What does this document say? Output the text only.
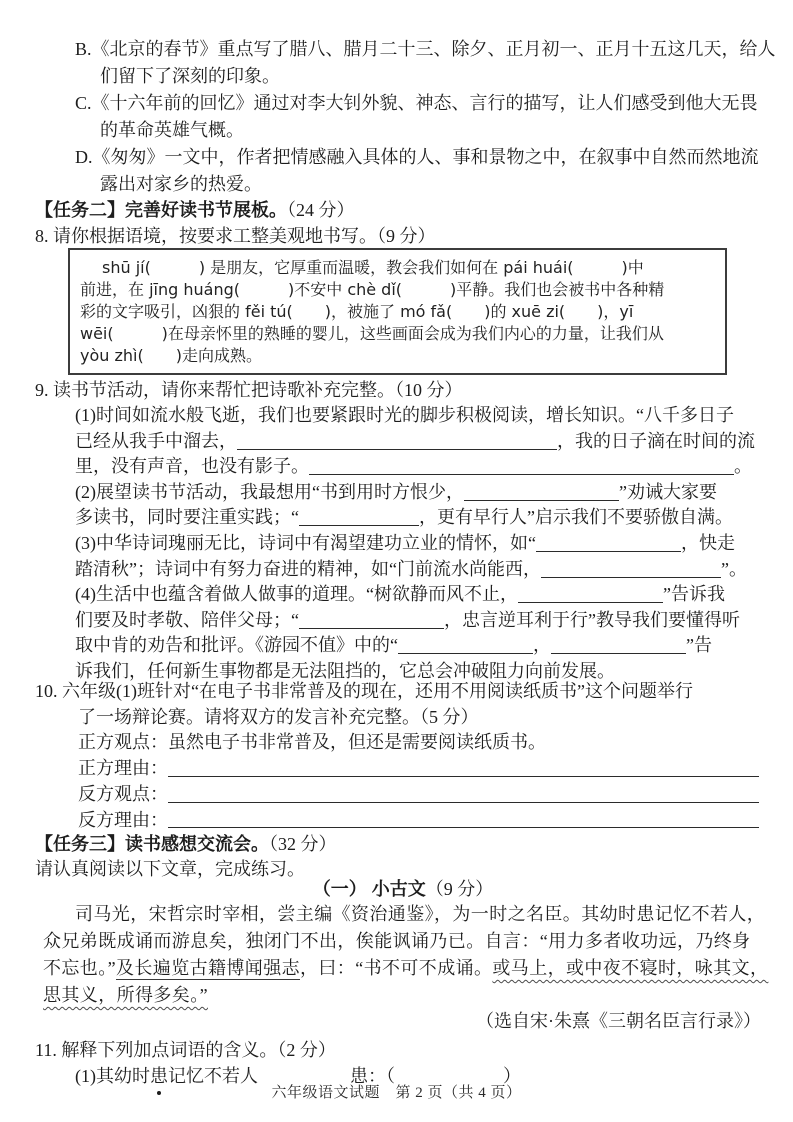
B.《北京的春节》重点写了腊八、腊月二十三、除夕、正月初一、正月十五这几天，给人
们留下了深刻的印象。
C.《十六年前的回忆》通过对李大钊外貌、神态、言行的描写，让人们感受到他大无畏
的革命英雄气概。
D.《匆匆》一文中，作者把情感融入具体的人、事和景物之中，在叙事中自然而然地流
露出对家乡的热爱。
【任务二】完善好读书节展板。（24 分）
8. 请你根据语境，按要求工整美观地书写。（9 分）
shū jí(　　　) 是朋友，它厚重而温暖，教会我们如何在 pái huái(　　　)中
前进，在 jīng huáng(　　　)不安中 chè dǐ(　　　)平静。我们也会被书中各种精
彩的文字吸引，凶狠的 fěi tú(　　)，被施了 mó fǎ(　　)的 xuē zi(　　)，yī
wēi(　　　)在母亲怀里的熟睡的婴儿，这些画面会成为我们内心的力量，让我们从
yòu zhì(　　)走向成熟。
9. 读书节活动，请你来帮忙把诗歌补充完整。（10 分）
(1)时间如流水般飞逝，我们也要紧跟时光的脚步积极阅读，增长知识。“八千多日子
已经从我手中溜去，	，我的日子滴在时间的流
里，没有声音，也没有影子。	。
(2)展望读书节活动，我最想用“书到用时方恨少，	”劝诫大家要
多读书，同时要注重实践；“	，更有早行人”启示我们不要骄傲自满。
(3)中华诗词瑰丽无比，诗词中有渴望建功立业的情怀，如“	，快走
踏清秋”；诗词中有努力奋进的精神，如“门前流水尚能西，	”。
(4)生活中也蕴含着做人做事的道理。“树欲静而风不止，	”告诉我
们要及时孝敬、陪伴父母；“	，忠言逆耳利于行”教导我们要懂得听
取中肯的劝告和批评。《游园不值》中的“	，	”告
诉我们，任何新生事物都是无法阻挡的，它总会冲破阻力向前发展。
10. 六年级(1)班针对“在电子书非常普及的现在，还用不用阅读纸质书”这个问题举行
了一场辩论赛。请将双方的发言补充完整。（5 分）
正方观点：虽然电子书非常普及，但还是需要阅读纸质书。
正方理由：
反方观点：
反方理由：
【任务三】读书感想交流会。（32 分）
请认真阅读以下文章，完成练习。
（一） 小古文（9 分）
司马光，宋哲宗时宰相，尝主编《资治通鉴》，为一时之名臣。其幼时患记忆不若人，
众兄弟既成诵而游息矣，独闭门不出，俟能讽诵乃已。自言：“用力多者收功远，乃终身
不忘也。”及长遍览古籍博闻强志，曰：“书不可不成诵。或马上，或中夜不寝时，咏其文，
思其义，所得多矣。”
（选自宋·朱熹《三朝名臣言行录》）
11. 解释下列加点词语的含义。（2 分）
(1)其幼时患记忆不若人	患：（	）
六年级语文试题　第 2 页（共 4 页）
